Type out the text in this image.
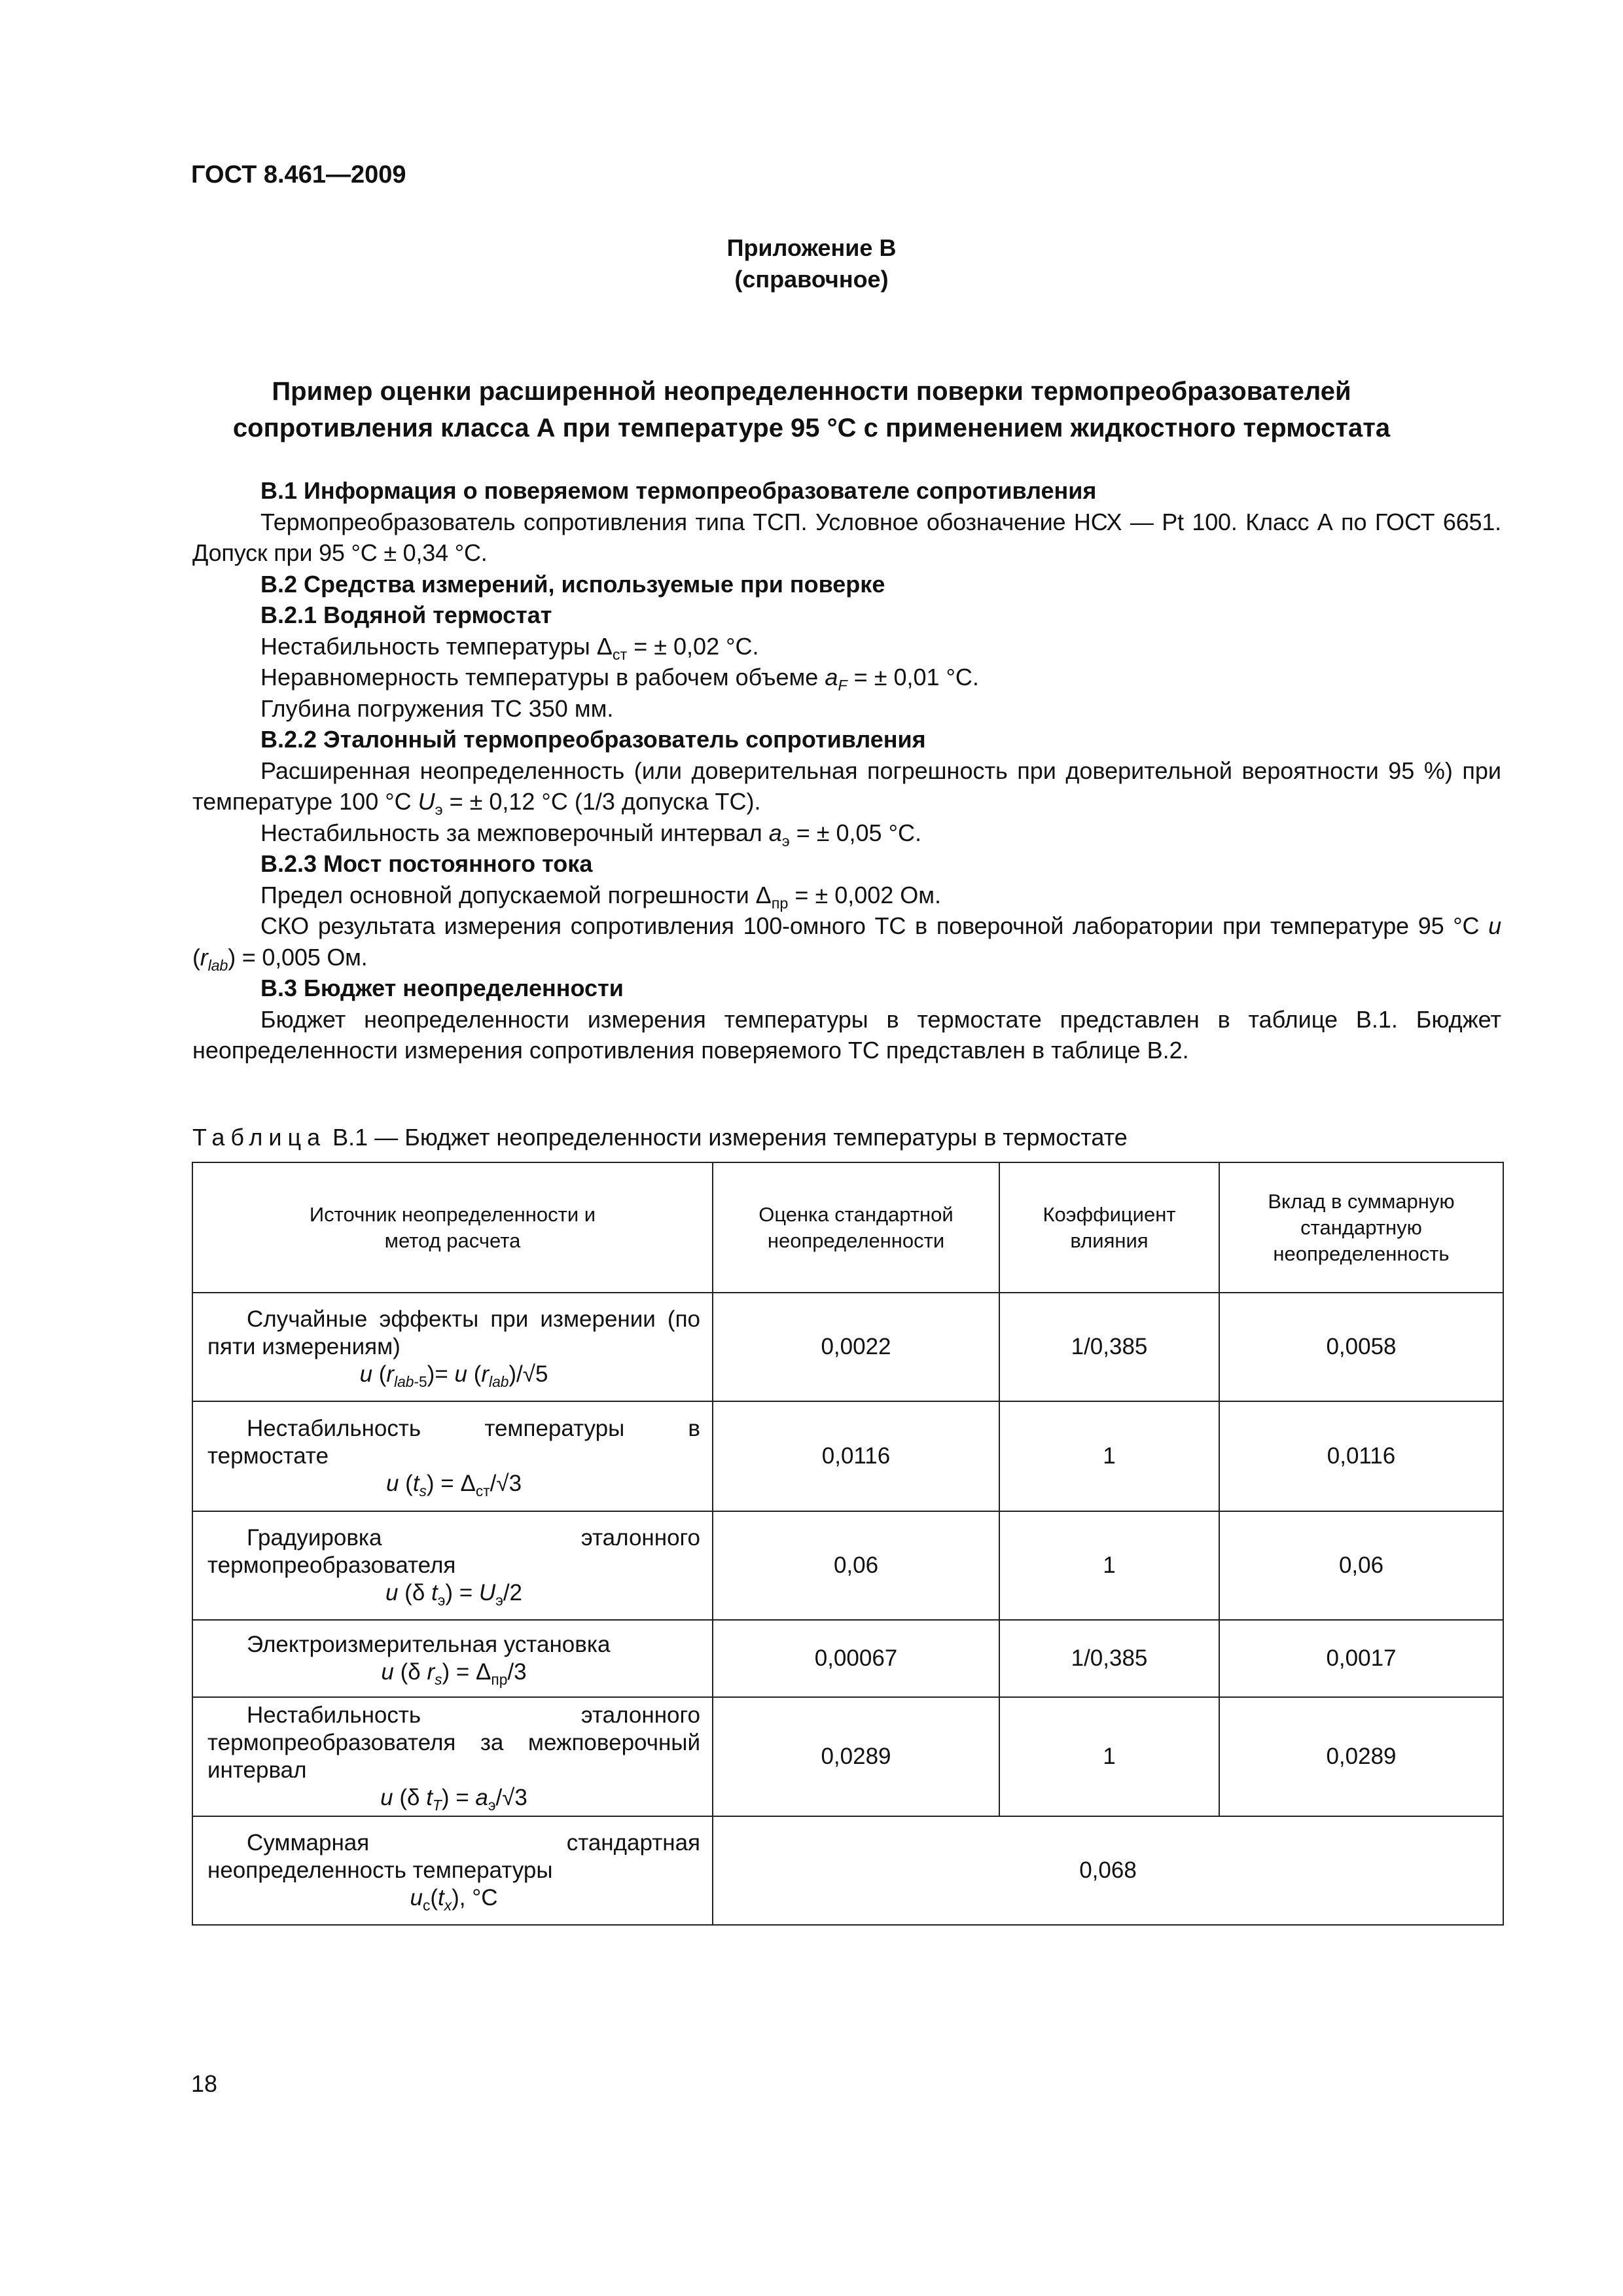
ГОСТ 8.461—2009
Приложение В
(справочное)
Пример оценки расширенной неопределенности поверки термопреобразователей
сопротивления класса А при температуре 95 °С с применением жидкостного термостата

В.1 Информация о поверяемом термопреобразователе сопротивления

Термопреобразователь сопротивления типа ТСП. Условное обозначение НСХ — Pt 100. Класс А по ГОСТ 6651. Допуск при 95 °С ± 0,34 °С.

В.2 Средства измерений, используемые при поверке

В.2.1 Водяной термостат

Нестабильность температуры $\Delta_{ст}$ = ± 0,02 °С.

Неравномерность температуры в рабочем объеме $a_F$ = ± 0,01 °С.

Глубина погружения ТС 350 мм.

В.2.2 Эталонный термопреобразователь сопротивления

Расширенная неопределенность (или доверительная погрешность при доверительной вероятности 95 %) при температуре 100 °С $U_э$ = ± 0,12 °С (1/3 допуска ТС).

Нестабильность за межповерочный интервал $a_э$ = ± 0,05 °С.

В.2.3 Мост постоянного тока

Предел основной допускаемой погрешности $\Delta_{пр}$ = ± 0,002 Ом.

СКО результата измерения сопротивления 100-омного ТС в поверочной лаборатории при температуре 95 °С u $(r_{lab}) = 0,005$ Ом.

В.3 Бюджет неопределенности

Бюджет неопределенности измерения температуры в термостате представлен в таблице В.1. Бюджет неопределенности измерения сопротивления поверяемого ТС представлен в таблице В.2.

Таблица В.1 — Бюджет неопределенности измерения температуры в термостате
Источник неопределенности и метод расчета	Оценка стандартной неопределенности	Коэффициент влияния	Вклад в суммарную стандартную неопределенность

Случайные эффекты при измерении (по пяти измерениям)
u $(r_{lab-5})= u$ $(r_{lab})/√5$	0,0022	1/0,385	0,0058

Нестабильность температуры в термостате
u $(t_s) = \Delta_{ст}/√3$	0,0116	1	0,0116

Градуировка эталонного термопреобразователя
u (δ $t_э) = U_э/2$	0,06	1	0,06

Электроизмерительная установка
u (δ $r_s) = \Delta_{пр}/3$	0,00067	1/0,385	0,0017

Нестабильность эталонного термопреобразователя за межповерочный интервал
u (δ $t_T) = a_э/√3$	0,0289	1	0,0289

Суммарная стандартная неопределенность температуры
$u_c(t_x)$, °С	0,068		
18
